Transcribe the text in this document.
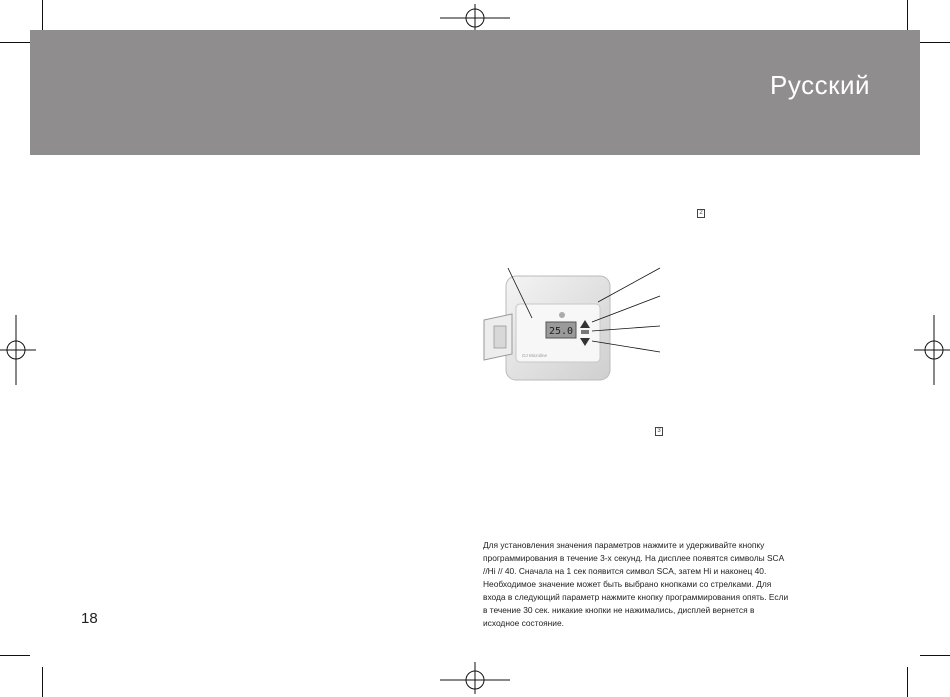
Русский
2
3
25.0
OJ Microline

Для установления значения параметров нажмите и удерживайте кнопку
программирования в течение 3-х секунд. На дисплее появятся символы SCA
//Hi // 40. Сначала на 1 сек появится символ SCA, затем Hi и наконец 40.
Необходимое значение может быть выбрано кнопками со стрелками. Для
входа в следующий параметр нажмите кнопку программирования опять. Если
в течение 30 сек. никакие кнопки не нажимались, дисплей вернется в
исходное состояние.

18
